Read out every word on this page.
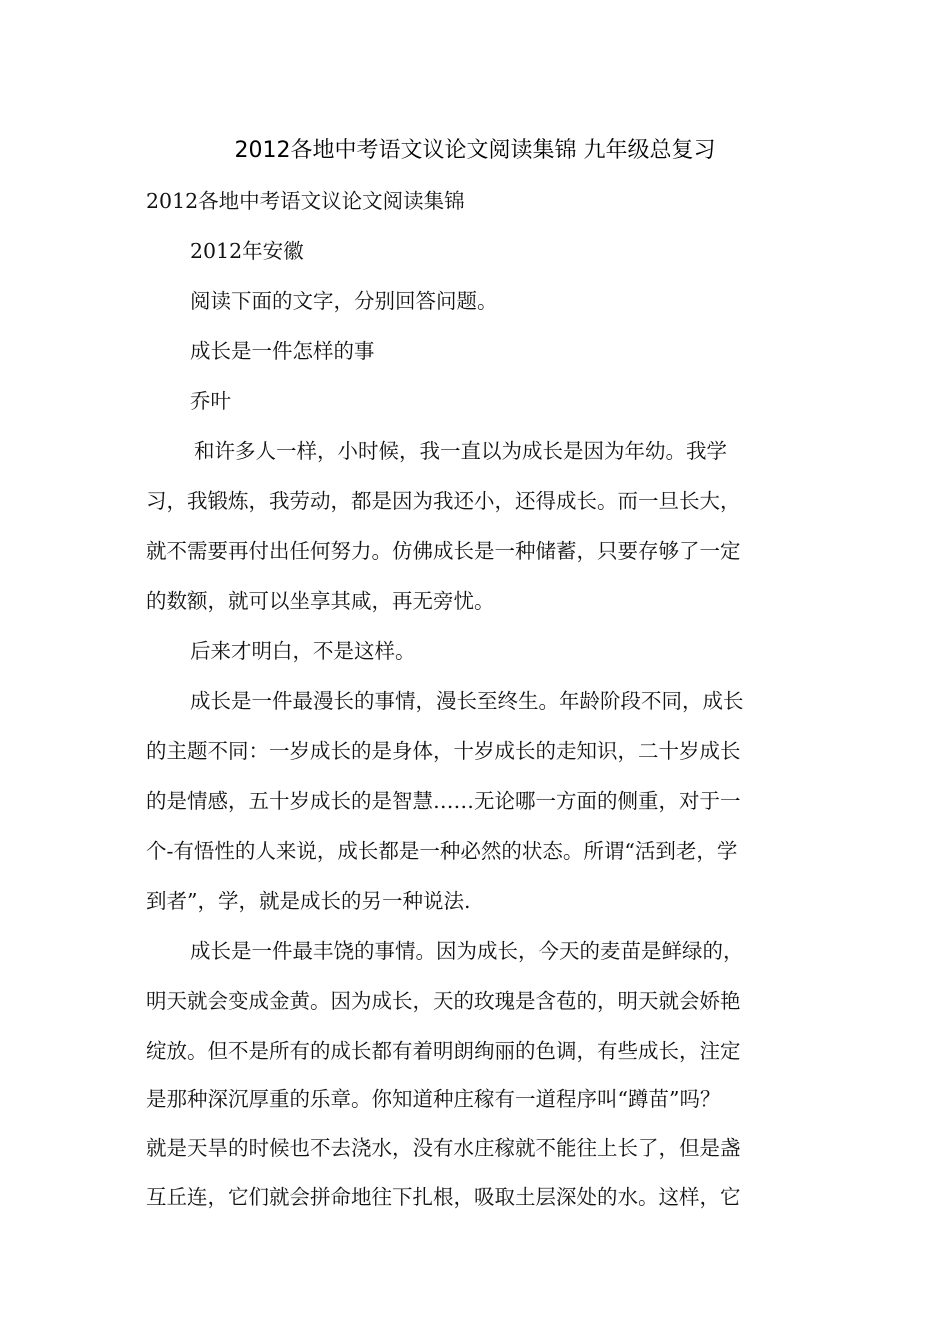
2012各地中考语文议论文阅读集锦 九年级总复习
2012各地中考语文议论文阅读集锦
2012年安徽
阅读下面的文字，分别回答问题。
成长是一件怎样的事
乔叶
和许多人一样，小时候，我一直以为成长是因为年幼。我学
习，我锻炼，我劳动，都是因为我还小，还得成长。而一旦长大，
就不需要再付出任何努力。仿佛成长是一种储蓄，只要存够了一定
的数额，就可以坐享其咸，再无旁忧。
后来才明白，不是这样。
成长是一件最漫长的事情，漫长至终生。年龄阶段不同，成长
的主题不同：一岁成长的是身体，十岁成长的走知识，二十岁成长
的是情感，五十岁成长的是智慧……无论哪一方面的侧重，对于一
个-有悟性的人来说，成长都是一种必然的状态。所谓“活到老，学
到者”，学，就是成长的另一种说法.
成长是一件最丰饶的事情。因为成长，今天的麦苗是鲜绿的，
明天就会变成金黄。因为成长，天的玫瑰是含苞的，明天就会娇艳
绽放。但不是所有的成长都有着明朗绚丽的色调，有些成长，注定
是那种深沉厚重的乐章。你知道种庄稼有一道程序叫“蹲苗”吗？
就是天旱的时候也不去浇水，没有水庄稼就不能往上长了，但是盏
互丘连，它们就会拼命地往下扎根，吸取土层深处的水。这样，它
